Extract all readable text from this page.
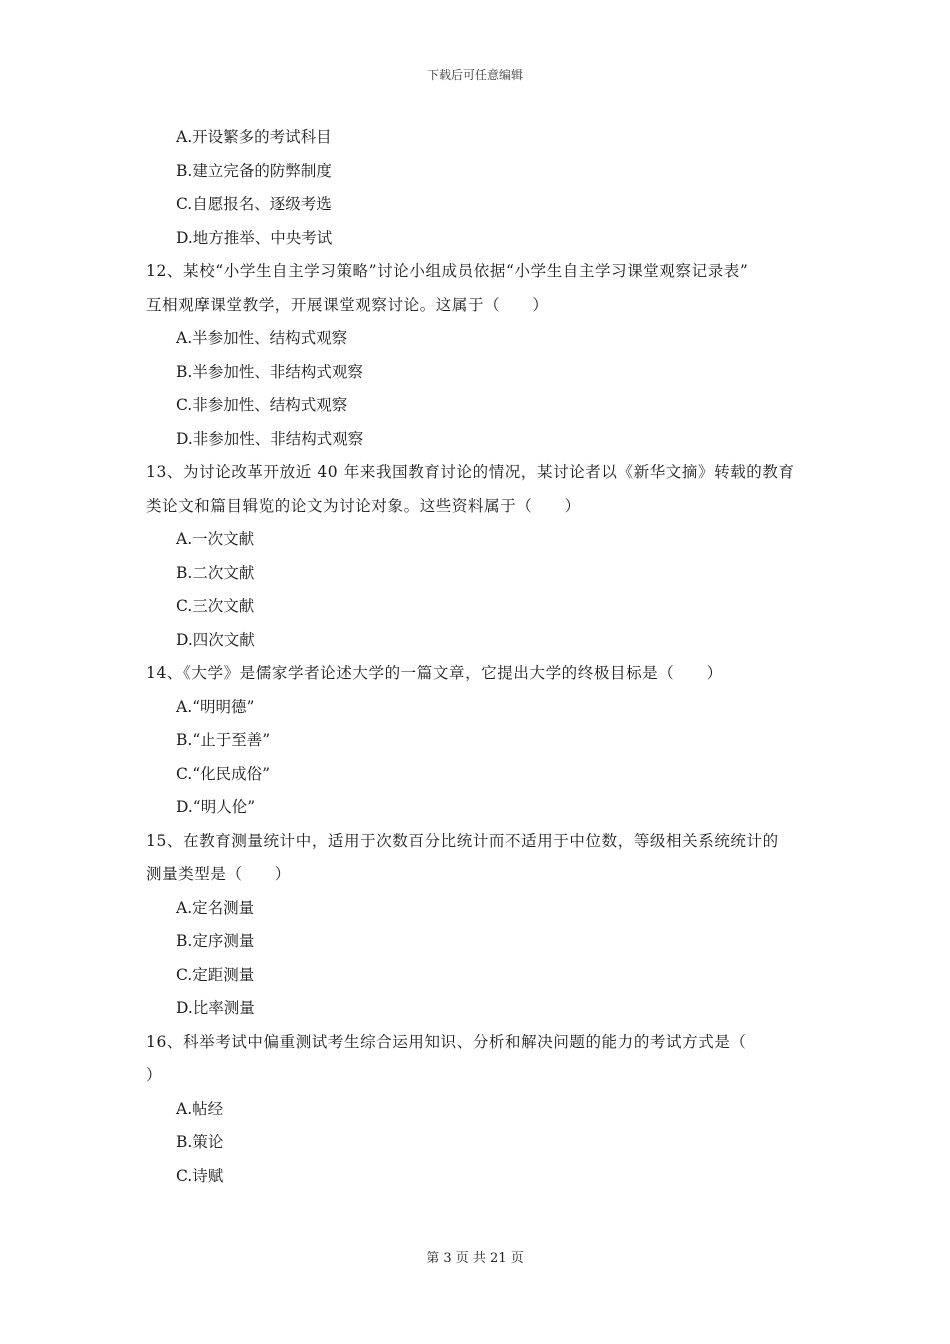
下载后可任意编辑

A.开设繁多的考试科目

B.建立完备的防弊制度

C.自愿报名、逐级考选

D.地方推举、中央考试

12、某校“小学生自主学习策略”讨论小组成员依据“小学生自主学习课堂观察记录表”

互相观摩课堂教学，开展课堂观察讨论。这属于（　　）

A.半参加性、结构式观察

B.半参加性、非结构式观察

C.非参加性、结构式观察

D.非参加性、非结构式观察

13、为讨论改革开放近 40 年来我国教育讨论的情况，某讨论者以《新华文摘》转载的教育

类论文和篇目辑览的论文为讨论对象。这些资料属于（　　）

A.一次文献

B.二次文献

C.三次文献

D.四次文献

14、《大学》是儒家学者论述大学的一篇文章，它提出大学的终极目标是（　　）

A.“明明德”

B.“止于至善”

C.“化民成俗”

D.“明人伦”

15、在教育测量统计中，适用于次数百分比统计而不适用于中位数，等级相关系统统计的

测量类型是（　　）

A.定名测量

B.定序测量

C.定距测量

D.比率测量

16、科举考试中偏重测试考生综合运用知识、分析和解决问题的能力的考试方式是（

）

A.帖经

B.策论

C.诗赋

第 3 页 共 21 页
